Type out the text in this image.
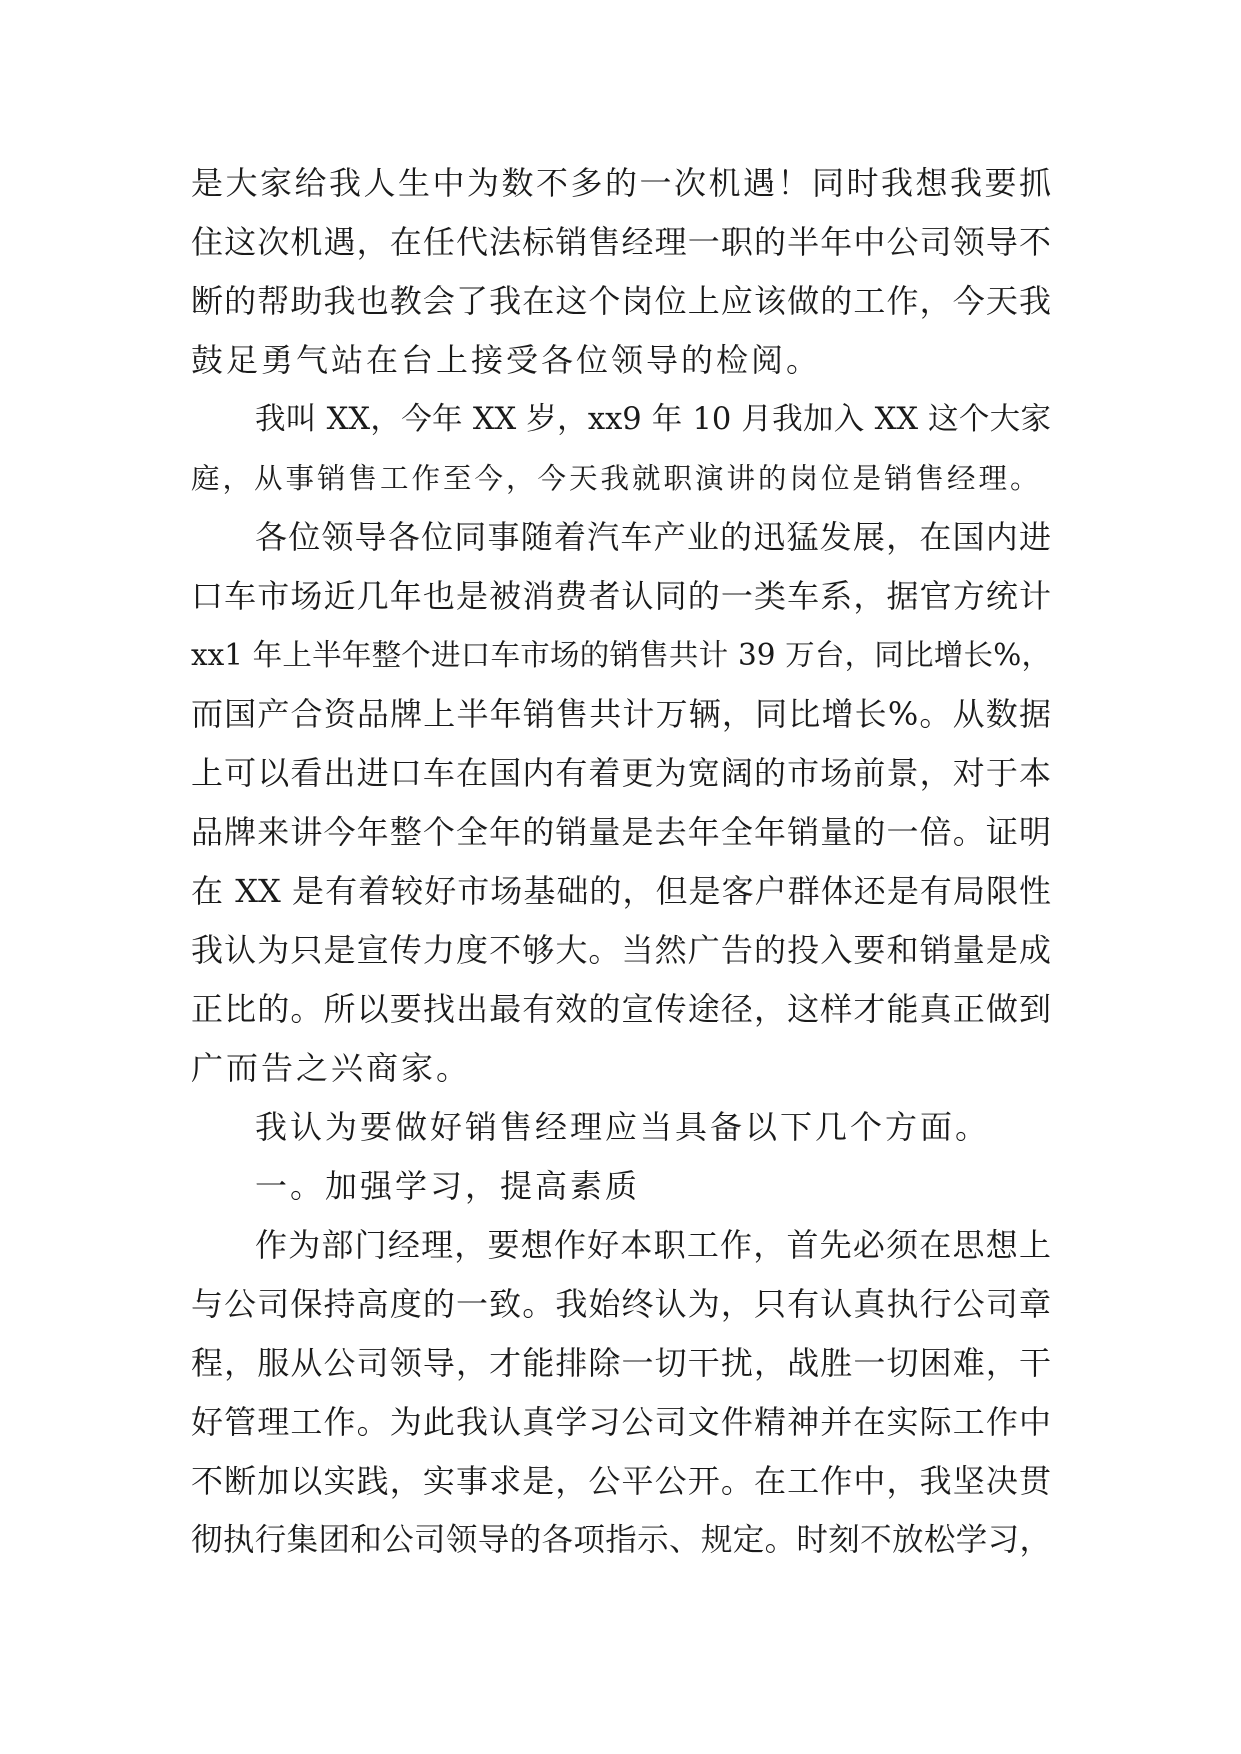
是大家给我人生中为数不多的一次机遇！同时我想我要抓
住这次机遇，在任代法标销售经理一职的半年中公司领导不
断的帮助我也教会了我在这个岗位上应该做的工作，今天我
鼓足勇气站在台上接受各位领导的检阅。
我叫 XX，今年 XX 岁，xx9 年 10 月我加入 XX 这个大家
庭，从事销售工作至今，今天我就职演讲的岗位是销售经理。
各位领导各位同事随着汽车产业的迅猛发展，在国内进
口车市场近几年也是被消费者认同的一类车系，据官方统计
xx1 年上半年整个进口车市场的销售共计 39 万台，同比增长%，
而国产合资品牌上半年销售共计万辆，同比增长%。从数据
上可以看出进口车在国内有着更为宽阔的市场前景，对于本
品牌来讲今年整个全年的销量是去年全年销量的一倍。证明
在 XX 是有着较好市场基础的，但是客户群体还是有局限性
我认为只是宣传力度不够大。当然广告的投入要和销量是成
正比的。所以要找出最有效的宣传途径，这样才能真正做到
广而告之兴商家。
我认为要做好销售经理应当具备以下几个方面。
一。加强学习，提高素质
作为部门经理，要想作好本职工作，首先必须在思想上
与公司保持高度的一致。我始终认为，只有认真执行公司章
程，服从公司领导，才能排除一切干扰，战胜一切困难，干
好管理工作。为此我认真学习公司文件精神并在实际工作中
不断加以实践，实事求是，公平公开。在工作中，我坚决贯
彻执行集团和公司领导的各项指示、规定。时刻不放松学习，
